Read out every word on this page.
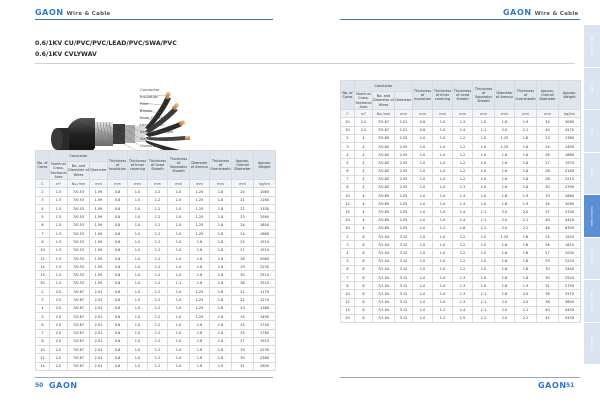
GAON Wire & Cable	GAON Wire & Cable
0.6/1KV CU/PVC/PVC/LEAD/PVC/SWA/PVC
0.6/1KV CVLYWAV
Conductor
Insulation
Filler
Binder
Inner Covering
Lead Sheath
Separator Sheath
Steel Wire Armour
Oversheath
No. of Cores	Conductor			Thickness of Insulation	Thickness of Inner covering	Thickness of Lead Sheath	Thickness of Separator Sheath	Diameter of Armour	Thickness of Oversheath	Approx. Overall Diameter	Approx. Weight
	Nominal Cross-Sectional Area	No. and Diameter of Wires	Diameter								
C	m²	No./mm	mm	mm	mm	mm	mm	mm	mm	mm	kg/km
2	1.5	7/0.53	1.59	0.8	1.0	1.2	1.0	1.25	1.8	20	1080
3	1.5	7/0.53	1.59	0.8	1.0	1.2	1.0	1.25	1.8	21	1160
4	1.5	7/0.53	1.59	0.8	1.0	1.2	1.0	1.25	1.8	22	1330
5	1.5	7/0.53	1.59	0.8	1.0	1.2	1.0	1.25	1.8	23	1560
6	1.5	7/0.53	1.59	0.8	1.0	1.2	1.0	1.25	1.8	24	1640
7	1.5	7/0.53	1.59	0.8	1.0	1.2	1.0	1.25	1.8	24	1680
8	1.5	7/0.53	1.59	0.8	1.0	1.2	1.0	1.6	1.8	25	1910
10	1.5	7/0.53	1.59	0.8	1.0	1.2	1.0	1.6	1.8	27	1910
12	1.5	7/0.53	1.59	0.8	1.0	1.2	1.0	1.6	1.8	28	2060
14	1.5	7/0.53	1.59	0.8	1.0	1.2	1.0	1.6	1.8	29	2230
15	1.5	7/0.53	1.59	0.8	1.0	1.2	1.0	1.6	1.8	30	2510
30	1.5	7/0.53	1.59	0.8	1.0	1.2	1.1	1.6	1.8	36	3310
2	2.5	7/0.67	2.01	0.8	1.0	1.2	1.0	1.25	1.8	21	1170
3	2.5	7/0.67	2.01	0.8	1.0	1.2	1.0	1.25	1.8	22	1270
4	2.5	7/0.67	2.01	0.8	1.0	1.2	1.0	1.25	1.8	23	1380
5	2.5	7/0.67	2.01	0.8	1.0	1.2	1.0	1.25	1.8	24	1490
6	2.5	7/0.67	2.01	0.8	1.0	1.2	1.0	1.6	1.8	25	1740
7	2.5	7/0.67	2.01	0.8	1.0	1.2	1.0	1.6	1.8	25	1780
8	2.5	7/0.67	2.01	0.8	1.0	1.2	1.0	1.6	1.8	27	1910
10	2.5	7/0.67	2.01	0.8	1.0	1.2	1.0	1.6	1.8	29	2230
12	2.5	7/0.67	2.01	0.8	1.0	1.2	1.0	1.6	1.8	30	2380
14	2.5	7/0.67	2.01	0.8	1.0	1.2	1.0	1.6	1.9	31	2600
No. of Cores	Conductor			Thickness of Insulation	Thickness of Inner covering	Thickness of Lead Sheath	Thickness of Separator Sheath	Diameter of Armour	Thickness of Oversheath	Approx. Overall Diameter	Approx. Weight
	Nominal Cross-Sectional Area	No. and Diameter of Wires	Diameter								
C	m²	No./mm	mm	mm	mm	mm	mm	mm	mm	mm	kg/km
20	2.5	7/0.67	2.01	0.8	1.0	1.3	1.0	1.6	1.9	34	3080
30	2.5	7/0.67	2.01	0.8	1.0	1.4	1.1	2.0	2.1	40	4270
2	4	7/0.85	2.55	1.0	1.0	1.2	1.0	1.25	1.8	23	1380
3	4	7/0.85	2.55	1.0	1.0	1.2	1.0	1.25	1.8	24	1490
4	4	7/0.85	2.55	1.0	1.0	1.2	1.0	1.6	1.8	26	1860
5	4	7/0.85	2.55	1.0	1.0	1.2	1.0	1.6	1.8	27	1970
6	4	7/0.85	2.55	1.0	1.0	1.2	1.0	1.6	1.8	28	2160
7	4	7/0.85	2.55	1.0	1.0	1.2	1.0	1.6	1.8	28	2210
8	4	7/0.85	2.55	1.0	1.0	1.3	1.0	1.6	1.8	30	2390
10	4	7/0.85	2.55	1.0	1.0	1.3	1.0	1.6	1.9	33	2880
12	4	7/0.85	2.55	1.0	1.0	1.3	1.0	1.6	1.9	34	3080
15	4	7/0.85	2.55	1.0	1.0	1.4	1.1	2.0	2.0	37	3700
20	4	7/0.85	2.55	1.0	1.0	1.4	1.1	2.0	2.1	40	4420
30	4	7/0.85	2.55	1.0	1.2	1.6	1.2	2.0	2.2	48	6300
2	6	7/1.04	3.12	1.0	1.0	1.2	1.0	1.25	1.8	24	1520
3	6	7/1.04	3.12	1.0	1.0	1.2	1.0	1.6	1.8	26	1810
4	6	7/1.04	3.12	1.0	1.0	1.2	1.0	1.6	1.8	27	2000
5	6	7/1.04	3.12	1.0	1.0	1.2	1.0	1.6	1.8	29	2220
6	6	7/1.04	3.12	1.0	1.0	1.2	1.0	1.6	1.8	30	2440
7	6	7/1.04	3.12	1.0	1.0	1.3	1.0	1.6	1.8	30	2520
8	6	7/1.04	3.12	1.0	1.0	1.3	1.0	1.6	1.9	32	2750
10	6	7/1.04	3.12	1.0	1.0	1.3	1.1	1.6	2.0	36	3370
12	6	7/1.04	3.12	1.0	1.0	1.3	1.1	2.0	2.0	38	3800
15	6	7/1.04	3.12	1.0	1.2	1.4	1.1	2.0	2.1	40	4450
20	6	7/1.04	3.12	1.0	1.2	1.5	1.2	2.0	2.2	45	5430
Power Cable
XLPE
EPR
Marine
Control Cable
Instrument
Special Cable
Accessory
50 GAON	GAON 51
